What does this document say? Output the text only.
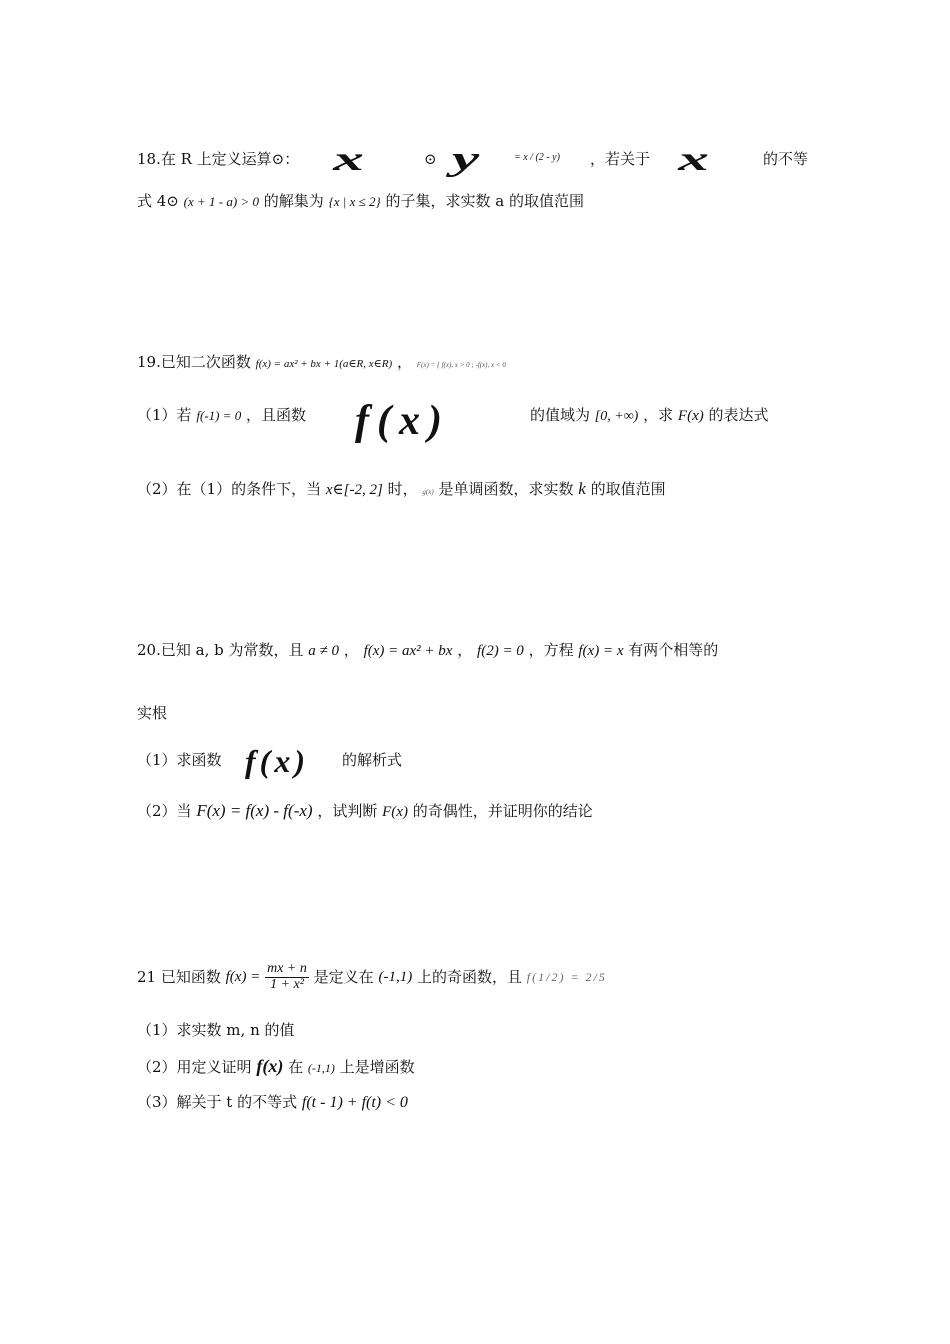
18.在 R 上定义运算⊙： x	⊙ y	= x / (2 - y) ，若关于 x	的不等
式 4⊙ (x + 1 - a) > 0 的解集为 {x | x ≤ 2} 的子集，求实数 a 的取值范围
19.已知二次函数 f(x) = ax² + bx + 1(a∈R, x∈R) ， F(x) = { f(x), x > 0 ; -f(x), x < 0
（1）若 f(-1) = 0 ，且函数 f(x)	的值域为 [0, +∞) ，求 F(x) 的表达式
（2）在（1）的条件下，当 x∈[-2, 2] 时， g(x) 是单调函数，求实数 k 的取值范围
20.已知 a, b 为常数，且 a ≠ 0 ， f(x) = ax² + bx ， f(2) = 0 ，方程 f(x) = x 有两个相等的
实根
（1）求函数 f(x) 的解析式
（2）当 F(x) = f(x) - f(-x) ，试判断 F(x) 的奇偶性，并证明你的结论
21 已知函数 $f(x) = \frac{mx + n}{\text{1 + x²}}$ 是定义在 (-1,1) 上的奇函数，且 f(1/2) = 2/5
（1）求实数 m, n 的值
（2）用定义证明 f(x) 在 (-1,1) 上是增函数
（3）解关于 t 的不等式 f(t - 1) + f(t) < 0
